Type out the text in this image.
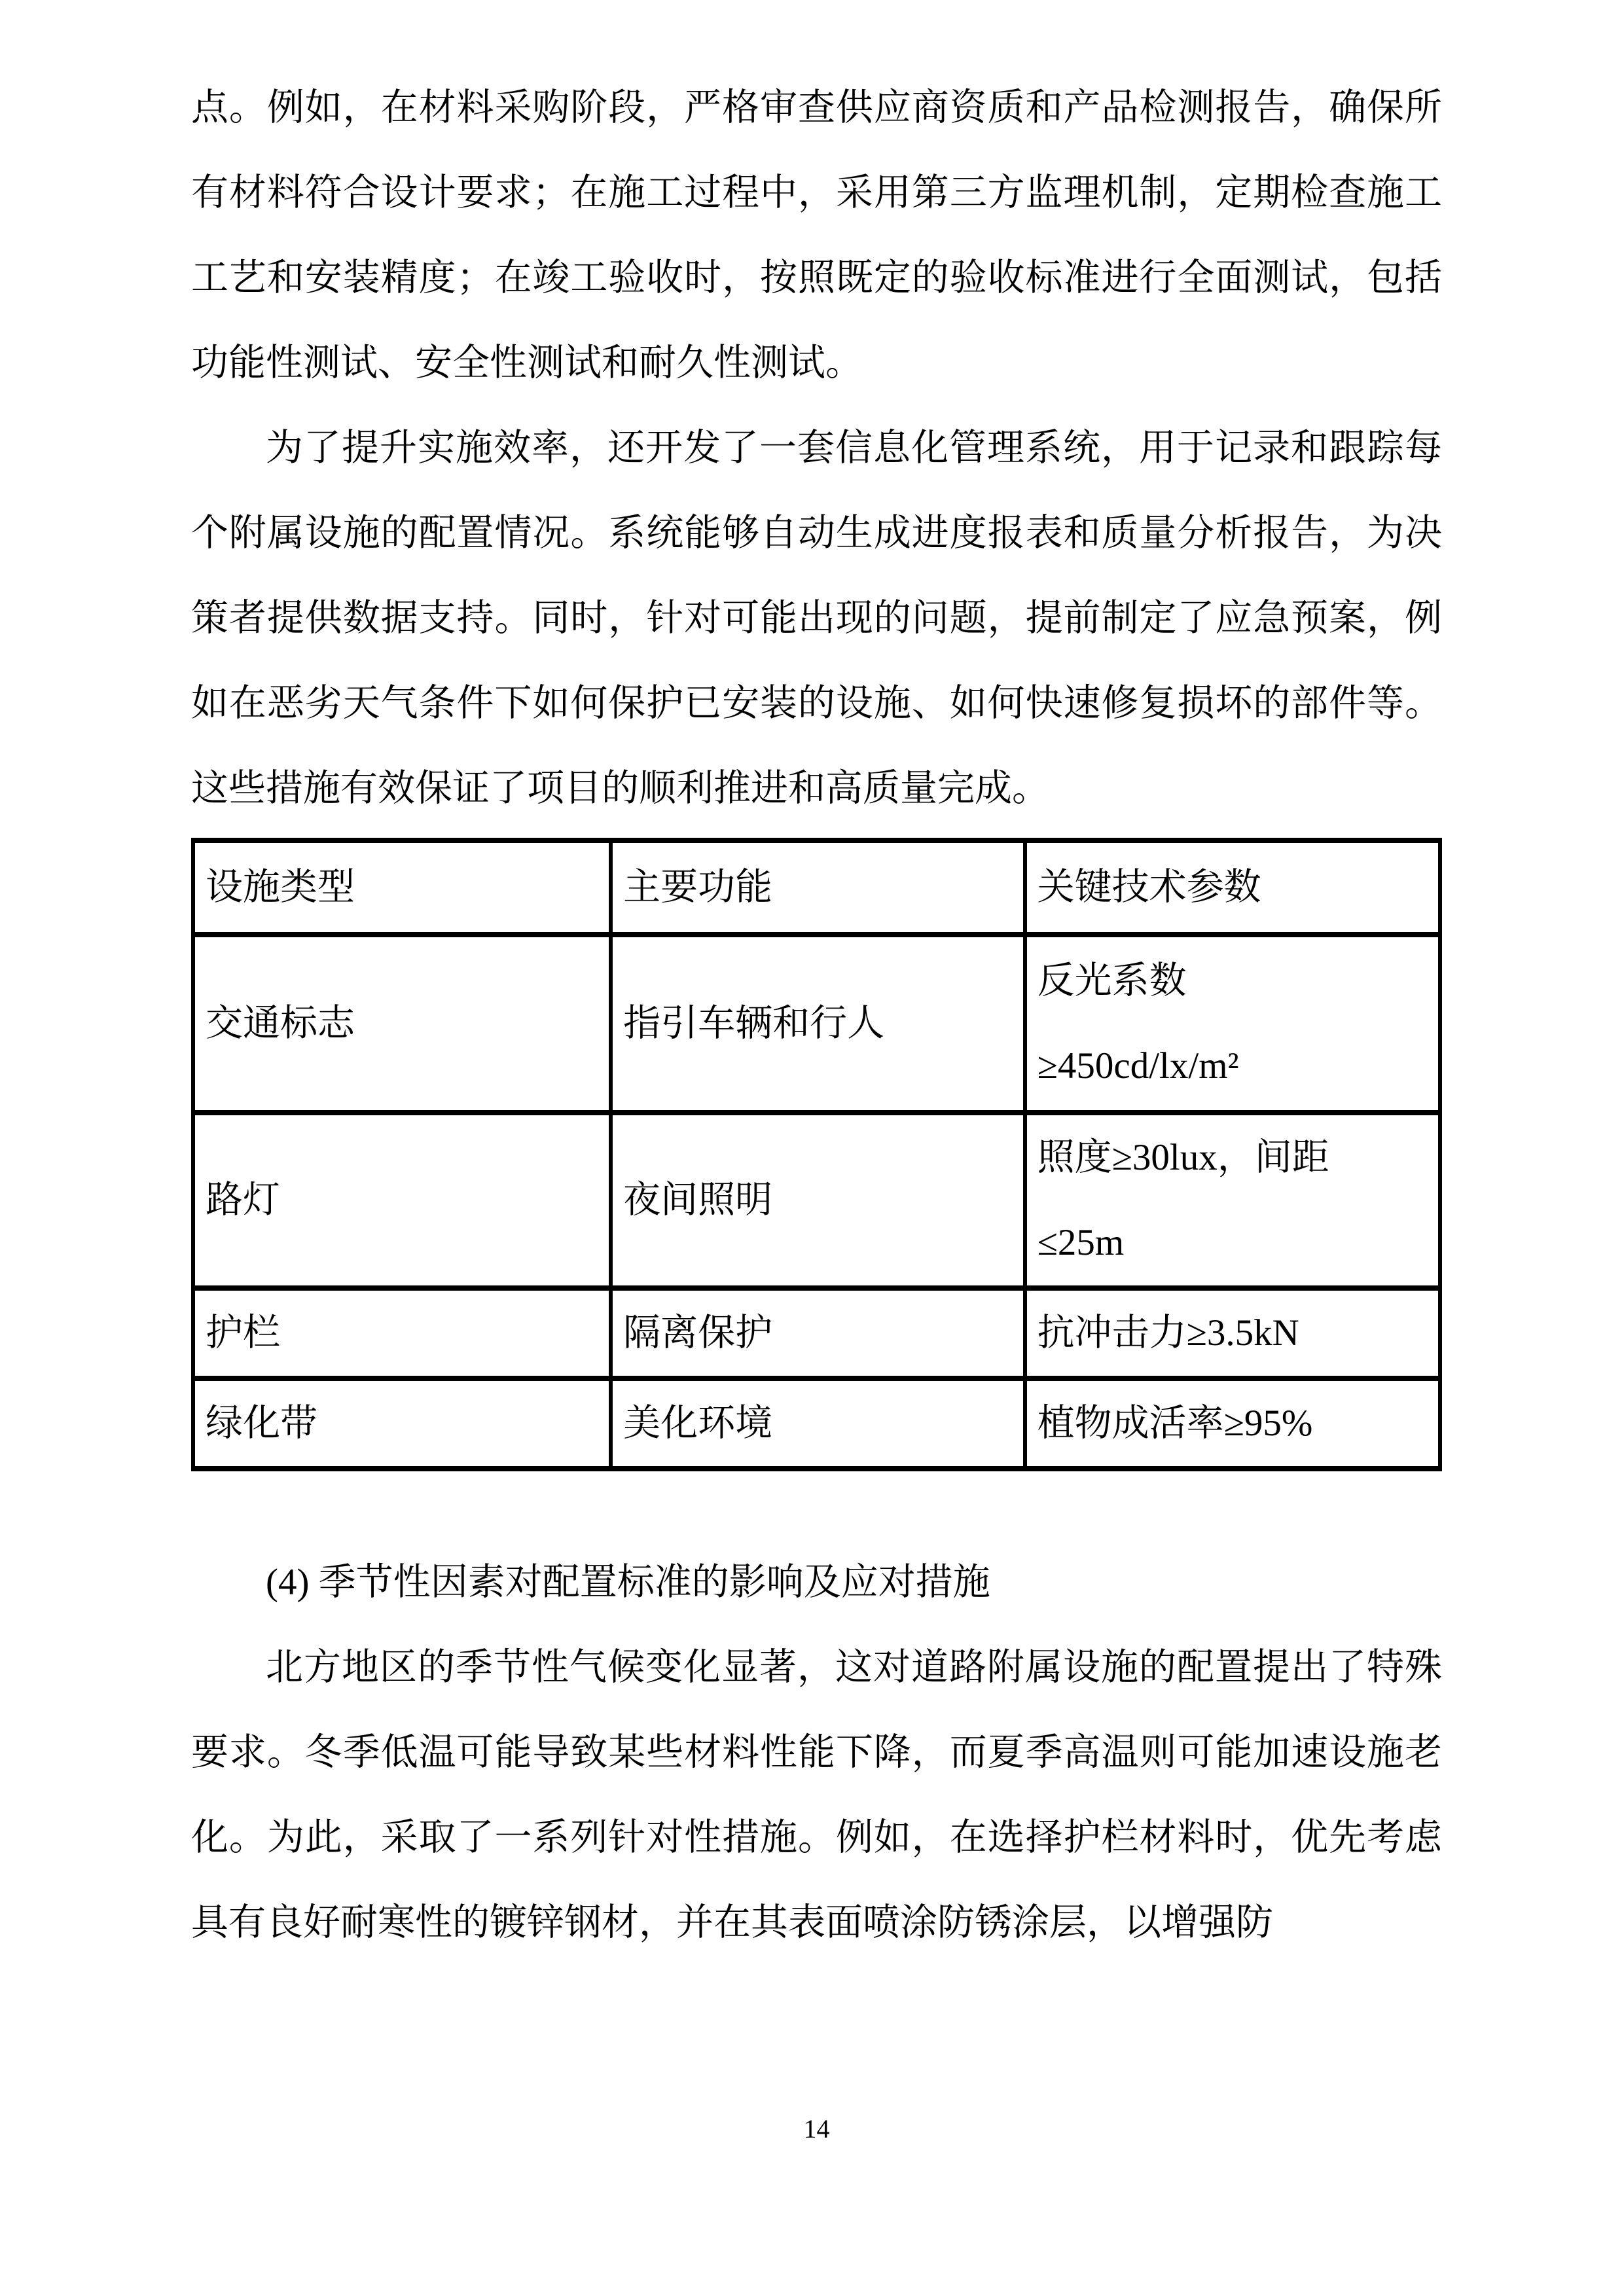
点。例如，在材料采购阶段，严格审查供应商资质和产品检测报告，确保所有材料符合设计要求；在施工过程中，采用第三方监理机制，定期检查施工工艺和安装精度；在竣工验收时，按照既定的验收标准进行全面测试，包括功能性测试、安全性测试和耐久性测试。

为了提升实施效率，还开发了一套信息化管理系统，用于记录和跟踪每个附属设施的配置情况。系统能够自动生成进度报表和质量分析报告，为决策者提供数据支持。同时，针对可能出现的问题，提前制定了应急预案，例如在恶劣天气条件下如何保护已安装的设施、如何快速修复损坏的部件等。这些措施有效保证了项目的顺利推进和高质量完成。

设施类型	主要功能	关键技术参数

交通标志	指引车辆和行人	反光系数
≥450cd/lx/m²

路灯	夜间照明	照度≥30lux，间距
≤25m

护栏	隔离保护	抗冲击力≥3.5kN

绿化带	美化环境	植物成活率≥95%

(4) 季节性因素对配置标准的影响及应对措施

北方地区的季节性气候变化显著，这对道路附属设施的配置提出了特殊要求。冬季低温可能导致某些材料性能下降，而夏季高温则可能加速设施老化。为此，采取了一系列针对性措施。例如，在选择护栏材料时，优先考虑具有良好耐寒性的镀锌钢材，并在其表面喷涂防锈涂层，以增强防

14
